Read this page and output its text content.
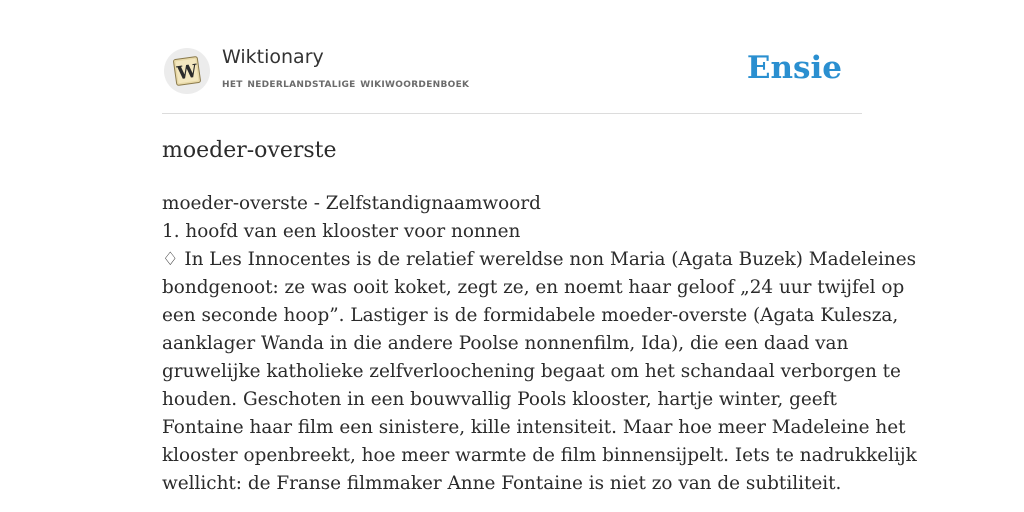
W
Wiktionary
het nederlandstalige wikiwoordenboek	Ensie
moeder-overste
moeder-overste - Zelfstandignaamwoord
1. hoofd van een klooster voor nonnen
♢ In Les Innocentes is de relatief wereldse non Maria (Agata Buzek) Madeleines
bondgenoot: ze was ooit koket, zegt ze, en noemt haar geloof „24 uur twijfel op
een seconde hoop”. Lastiger is de formidabele moeder-overste (Agata Kulesza,
aanklager Wanda in die andere Poolse nonnenfilm, Ida), die een daad van
gruwelijke katholieke zelfverloochening begaat om het schandaal verborgen te
houden. Geschoten in een bouwvallig Pools klooster, hartje winter, geeft
Fontaine haar film een sinistere, kille intensiteit. Maar hoe meer Madeleine het
klooster openbreekt, hoe meer warmte de film binnensijpelt. Iets te nadrukkelijk
wellicht: de Franse filmmaker Anne Fontaine is niet zo van de subtiliteit.
